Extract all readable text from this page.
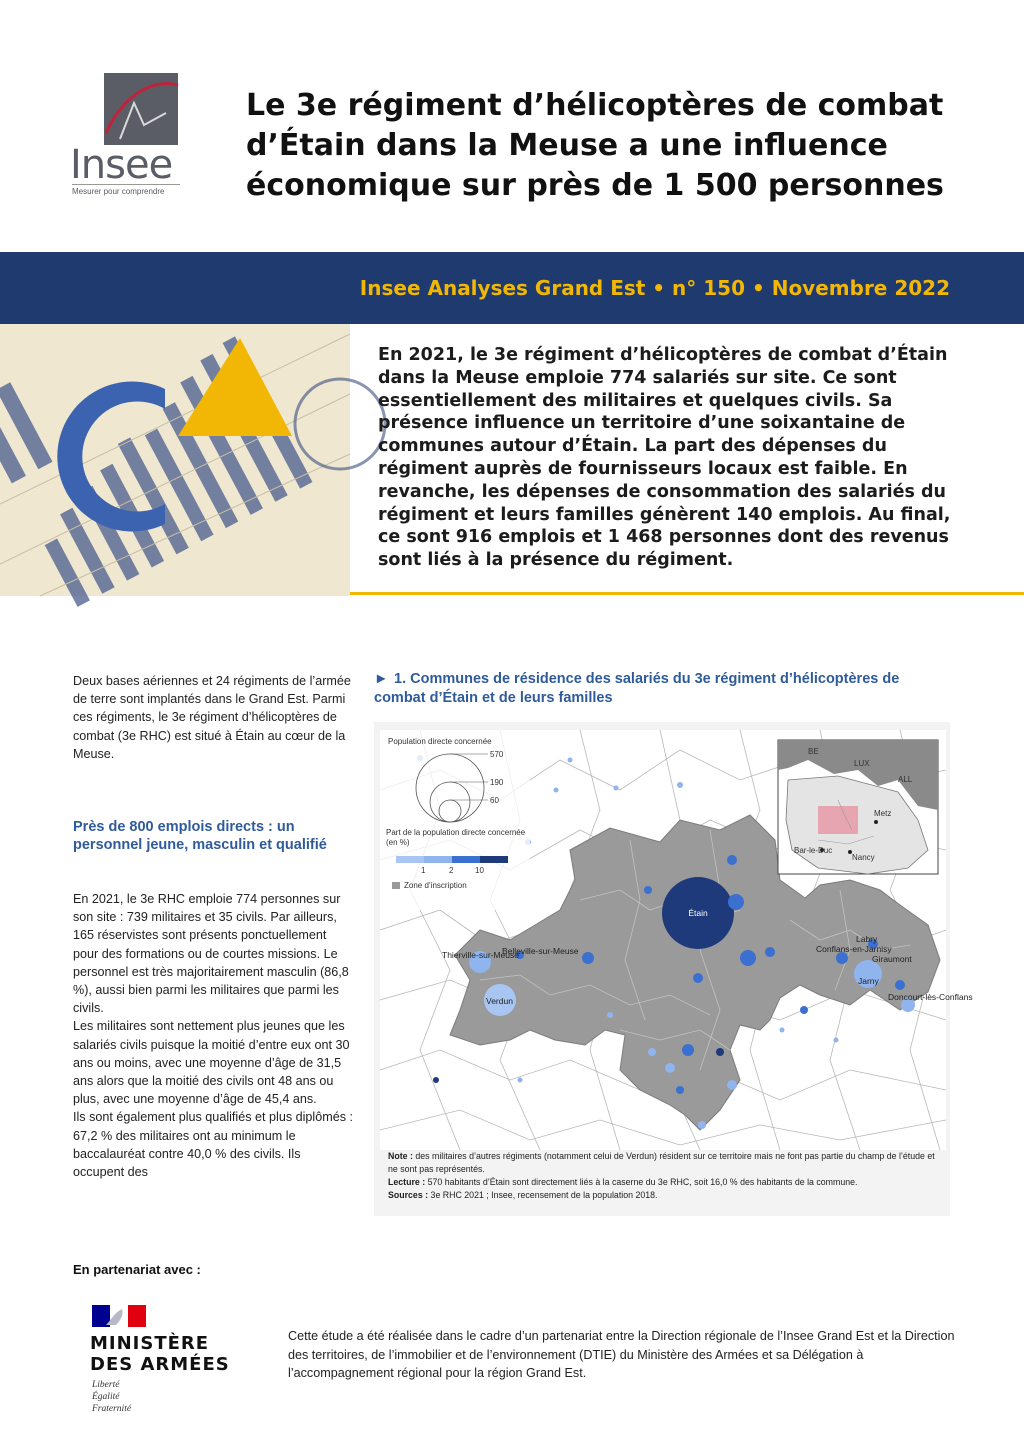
Insee
Mesurer pour comprendre
Le 3e régiment d’hélicoptères de combat d’Étain dans la Meuse a une influence économique sur près de 1 500 personnes
Insee Analyses Grand Est • n° 150 • Novembre 2022
En 2021, le 3e régiment d’hélicoptères de combat d’Étain dans la Meuse emploie 774 salariés sur site. Ce sont essentiellement des militaires et quelques civils. Sa présence influence un territoire d’une soixantaine de communes autour d’Étain. La part des dépenses du régiment auprès de fournisseurs locaux est faible. En revanche, les dépenses de consommation des salariés du régiment et leurs familles génèrent 140 emplois. Au final, ce sont 916 emplois et 1 468 personnes dont des revenus sont liés à la présence du régiment.
Deux bases aériennes et 24 régiments de l’armée de terre sont implantés dans le Grand Est. Parmi ces régiments, le 3e régiment d’hélicoptères de combat (3e RHC) est situé à Étain au cœur de la Meuse.
Près de 800 emplois directs : un personnel jeune, masculin et qualifié
En 2021, le 3e RHC emploie 774 personnes sur son site : 739 militaires et 35 civils. Par ailleurs, 165 réservistes sont présents ponctuellement pour des formations ou de courtes missions. Le personnel est très majoritairement masculin (86,8 %), aussi bien parmi les militaires que parmi les civils.
Les militaires sont nettement plus jeunes que les salariés civils puisque la moitié d’entre eux ont 30 ans ou moins, avec une moyenne d’âge de 31,5 ans alors que la moitié des civils ont 48 ans ou plus, avec une moyenne d’âge de 45,4 ans.
Ils sont également plus qualifiés et plus diplômés : 67,2 % des militaires ont au minimum le baccalauréat contre 40,0 % des civils. Ils occupent des
► 1. Communes de résidence des salariés du 3e régiment d’hélicoptères de combat d’Étain et de leurs familles
Étain
Thierville-sur-Meuse
Belleville-sur-Meuse
Verdun
Conflans-en-Jarnisy
Labry
Giraumont
Jarny
Doncourt-lès-Conflans
Population directe concernée
570
190
60
Part de la population directe concernée (en %)
1	2	10
Zone d’inscription
BE
LUX
ALL
Metz
Bar-le-Duc
Nancy
Note : des militaires d’autres régiments (notamment celui de Verdun) résident sur ce territoire mais ne font pas partie du champ de l’étude et ne sont pas représentés.
Lecture : 570 habitants d’Étain sont directement liés à la caserne du 3e RHC, soit 16,0 % des habitants de la commune.
Sources : 3e RHC 2021 ; Insee, recensement de la population 2018.
En partenariat avec :
MINISTÈRE DES ARMÉES
Liberté
Égalité
Fraternité
Cette étude a été réalisée dans le cadre d’un partenariat entre la Direction régionale de l’Insee Grand Est et la Direction des territoires, de l’immobilier et de l’environnement (DTIE) du Ministère des Armées et sa Délégation à l’accompagnement régional pour la région Grand Est.
